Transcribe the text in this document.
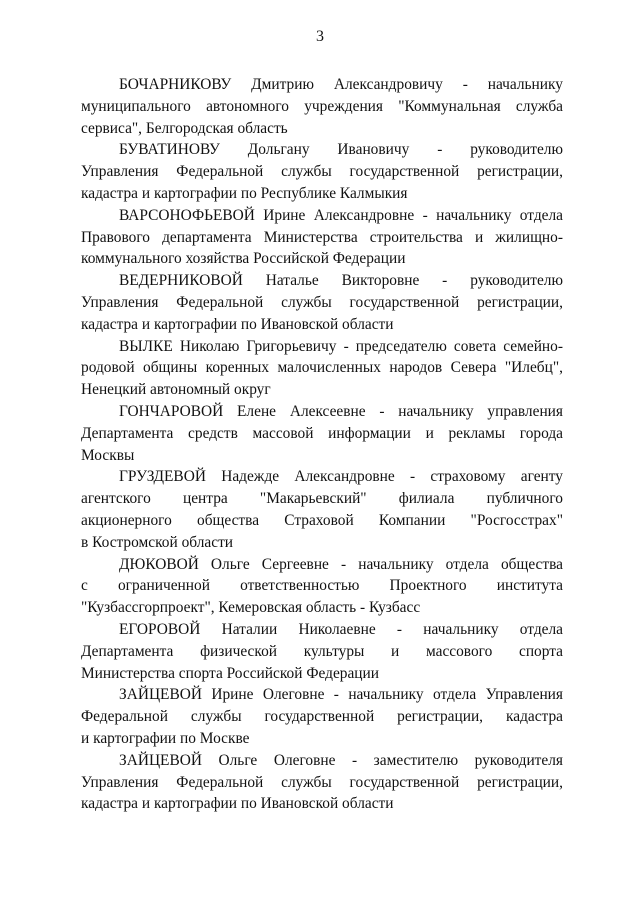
3
БОЧАРНИКОВУ Дмитрию Александровичу - начальнику
муниципального автономного учреждения "Коммунальная служба
сервиса", Белгородская область
БУВАТИНОВУ Дольгану Ивановичу - руководителю
Управления Федеральной службы государственной регистрации,
кадастра и картографии по Республике Калмыкия
ВАРСОНОФЬЕВОЙ Ирине Александровне - начальнику отдела
Правового департамента Министерства строительства и жилищно-
коммунального хозяйства Российской Федерации
ВЕДЕРНИКОВОЙ Наталье Викторовне - руководителю
Управления Федеральной службы государственной регистрации,
кадастра и картографии по Ивановской области
ВЫЛКЕ Николаю Григорьевичу - председателю совета семейно-
родовой общины коренных малочисленных народов Севера "Илебц",
Ненецкий автономный округ
ГОНЧАРОВОЙ Елене Алексеевне - начальнику управления
Департамента средств массовой информации и рекламы города
Москвы
ГРУЗДЕВОЙ Надежде Александровне - страховому агенту
агентского центра "Макарьевский" филиала публичного
акционерного общества Страховой Компании "Росгосстрах"
в Костромской области
ДЮКОВОЙ Ольге Сергеевне - начальнику отдела общества
с ограниченной ответственностью Проектного института
"Кузбассгорпроект", Кемеровская область - Кузбасс
ЕГОРОВОЙ Наталии Николаевне - начальнику отдела
Департамента физической культуры и массового спорта
Министерства спорта Российской Федерации
ЗАЙЦЕВОЙ Ирине Олеговне - начальнику отдела Управления
Федеральной службы государственной регистрации, кадастра
и картографии по Москве
ЗАЙЦЕВОЙ Ольге Олеговне - заместителю руководителя
Управления Федеральной службы государственной регистрации,
кадастра и картографии по Ивановской области
